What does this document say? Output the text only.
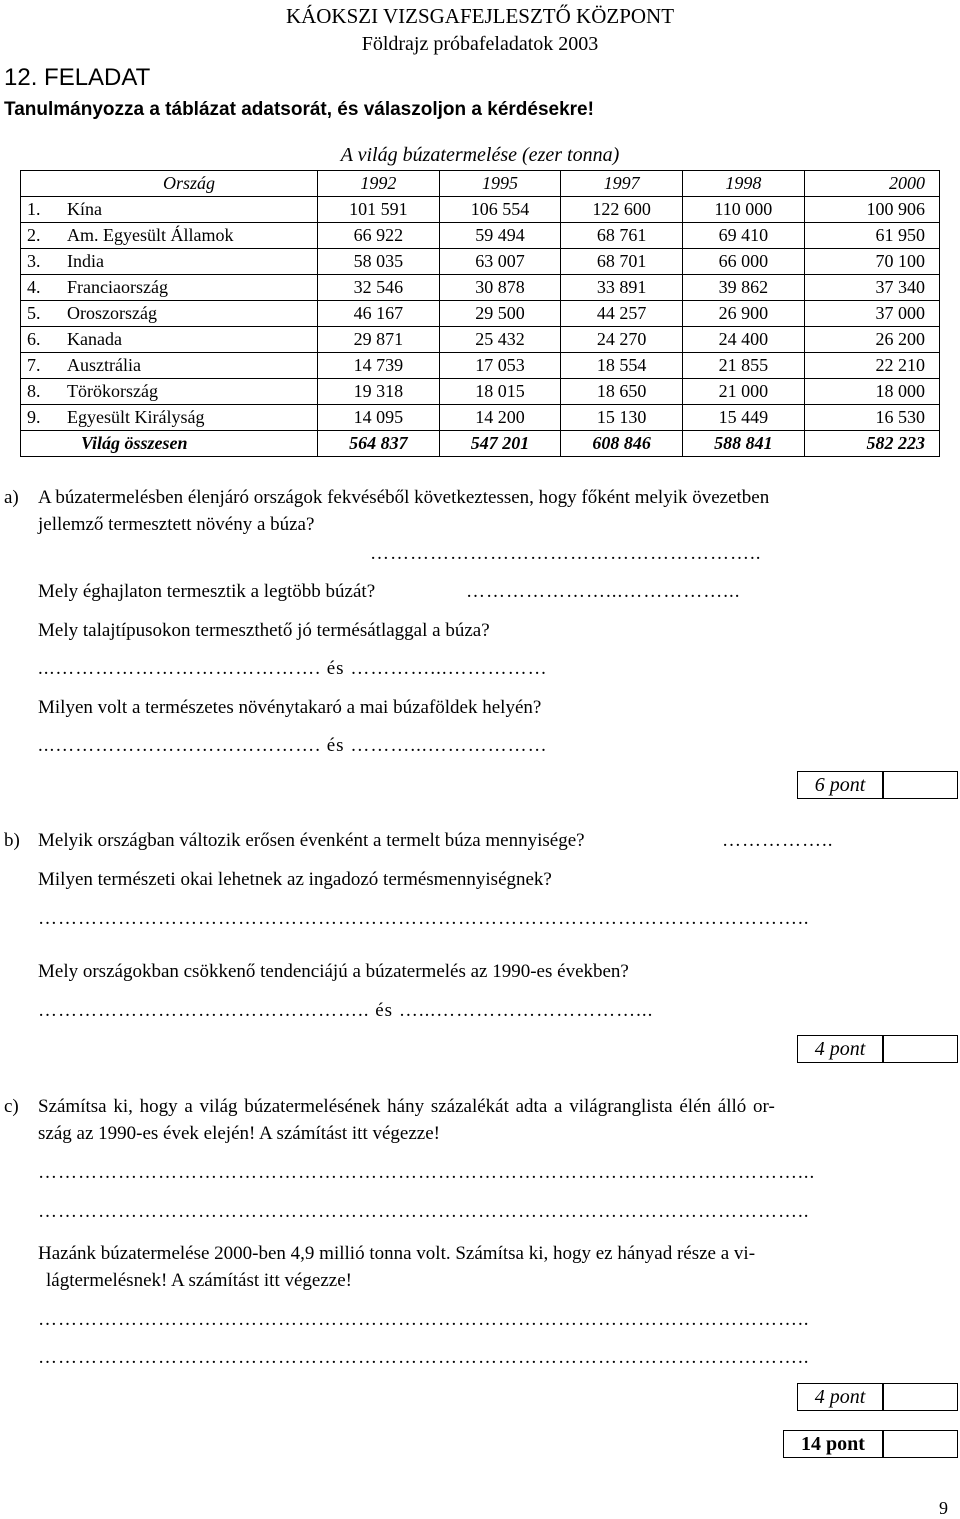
KÁOKSZI VIZSGAFEJLESZTŐ KÖZPONT
Földrajz próbafeladatok 2003
12. FELADAT
Tanulmányozza a táblázat adatsorát, és válaszoljon a kérdésekre!
A világ búzatermelése (ezer tonna)
	Ország	1992	1995	1997	1998	2000
1.	Kína	101 591	106 554	122 600	110 000	100 906
2.	Am. Egyesült Államok	66 922	59 494	68 761	69 410	61 950
3.	India	58 035	63 007	68 701	66 000	70 100
4.	Franciaország	32 546	30 878	33 891	39 862	37 340
5.	Oroszország	46 167	29 500	44 257	26 900	37 000
6.	Kanada	29 871	25 432	24 270	24 400	26 200
7.	Ausztrália	14 739	17 053	18 554	21 855	22 210
8.	Törökország	19 318	18 015	18 650	21 000	18 000
9.	Egyesült Királyság	14 095	14 200	15 130	15 449	16 530
	Világ összesen	564 837	547 201	608 846	588 841	582 223
a) A búzatermelésben élenjáró országok fekvéséből következtessen, hogy főként melyik övezetben
jellemző termesztett növény a búza?
…………………………………………………..
Mely éghajlaton termesztik a legtöbb búzát?	…………………...……………...
Mely talajtípusokon termeszthető jó termésátlaggal a búza?
...…………………………………. és …………...……………
Milyen volt a természetes növénytakaró a mai búzaföldek helyén?
...…………………………………. és ………...………………
6 pont
b) Melyik országban változik erősen évenként a termelt búza mennyisége?	……………..
Milyen természeti okai lehetnek az ingadozó termésmennyiségnek?
……………………………………………………………………………………………………..
Mely országokban csökkenő tendenciájú a búzatermelés az 1990-es években?
………………………………………….. és …...…………………………...
4 pont
c) Számítsa ki, hogy a világ búzatermelésének hány százalékát adta a világranglista élén álló or-
szág az 1990-es évek elején! A számítást itt végezze!
……………………………………………………………………………………………………...
……………………………………………………………………………………………………..
Hazánk búzatermelése 2000-ben 4,9 millió tonna volt. Számítsa ki, hogy ez hányad része a vi-
lágtermelésnek! A számítást itt végezze!
……………………………………………………………………………………………………..
……………………………………………………………………………………………………..
4 pont
14 pont
9
